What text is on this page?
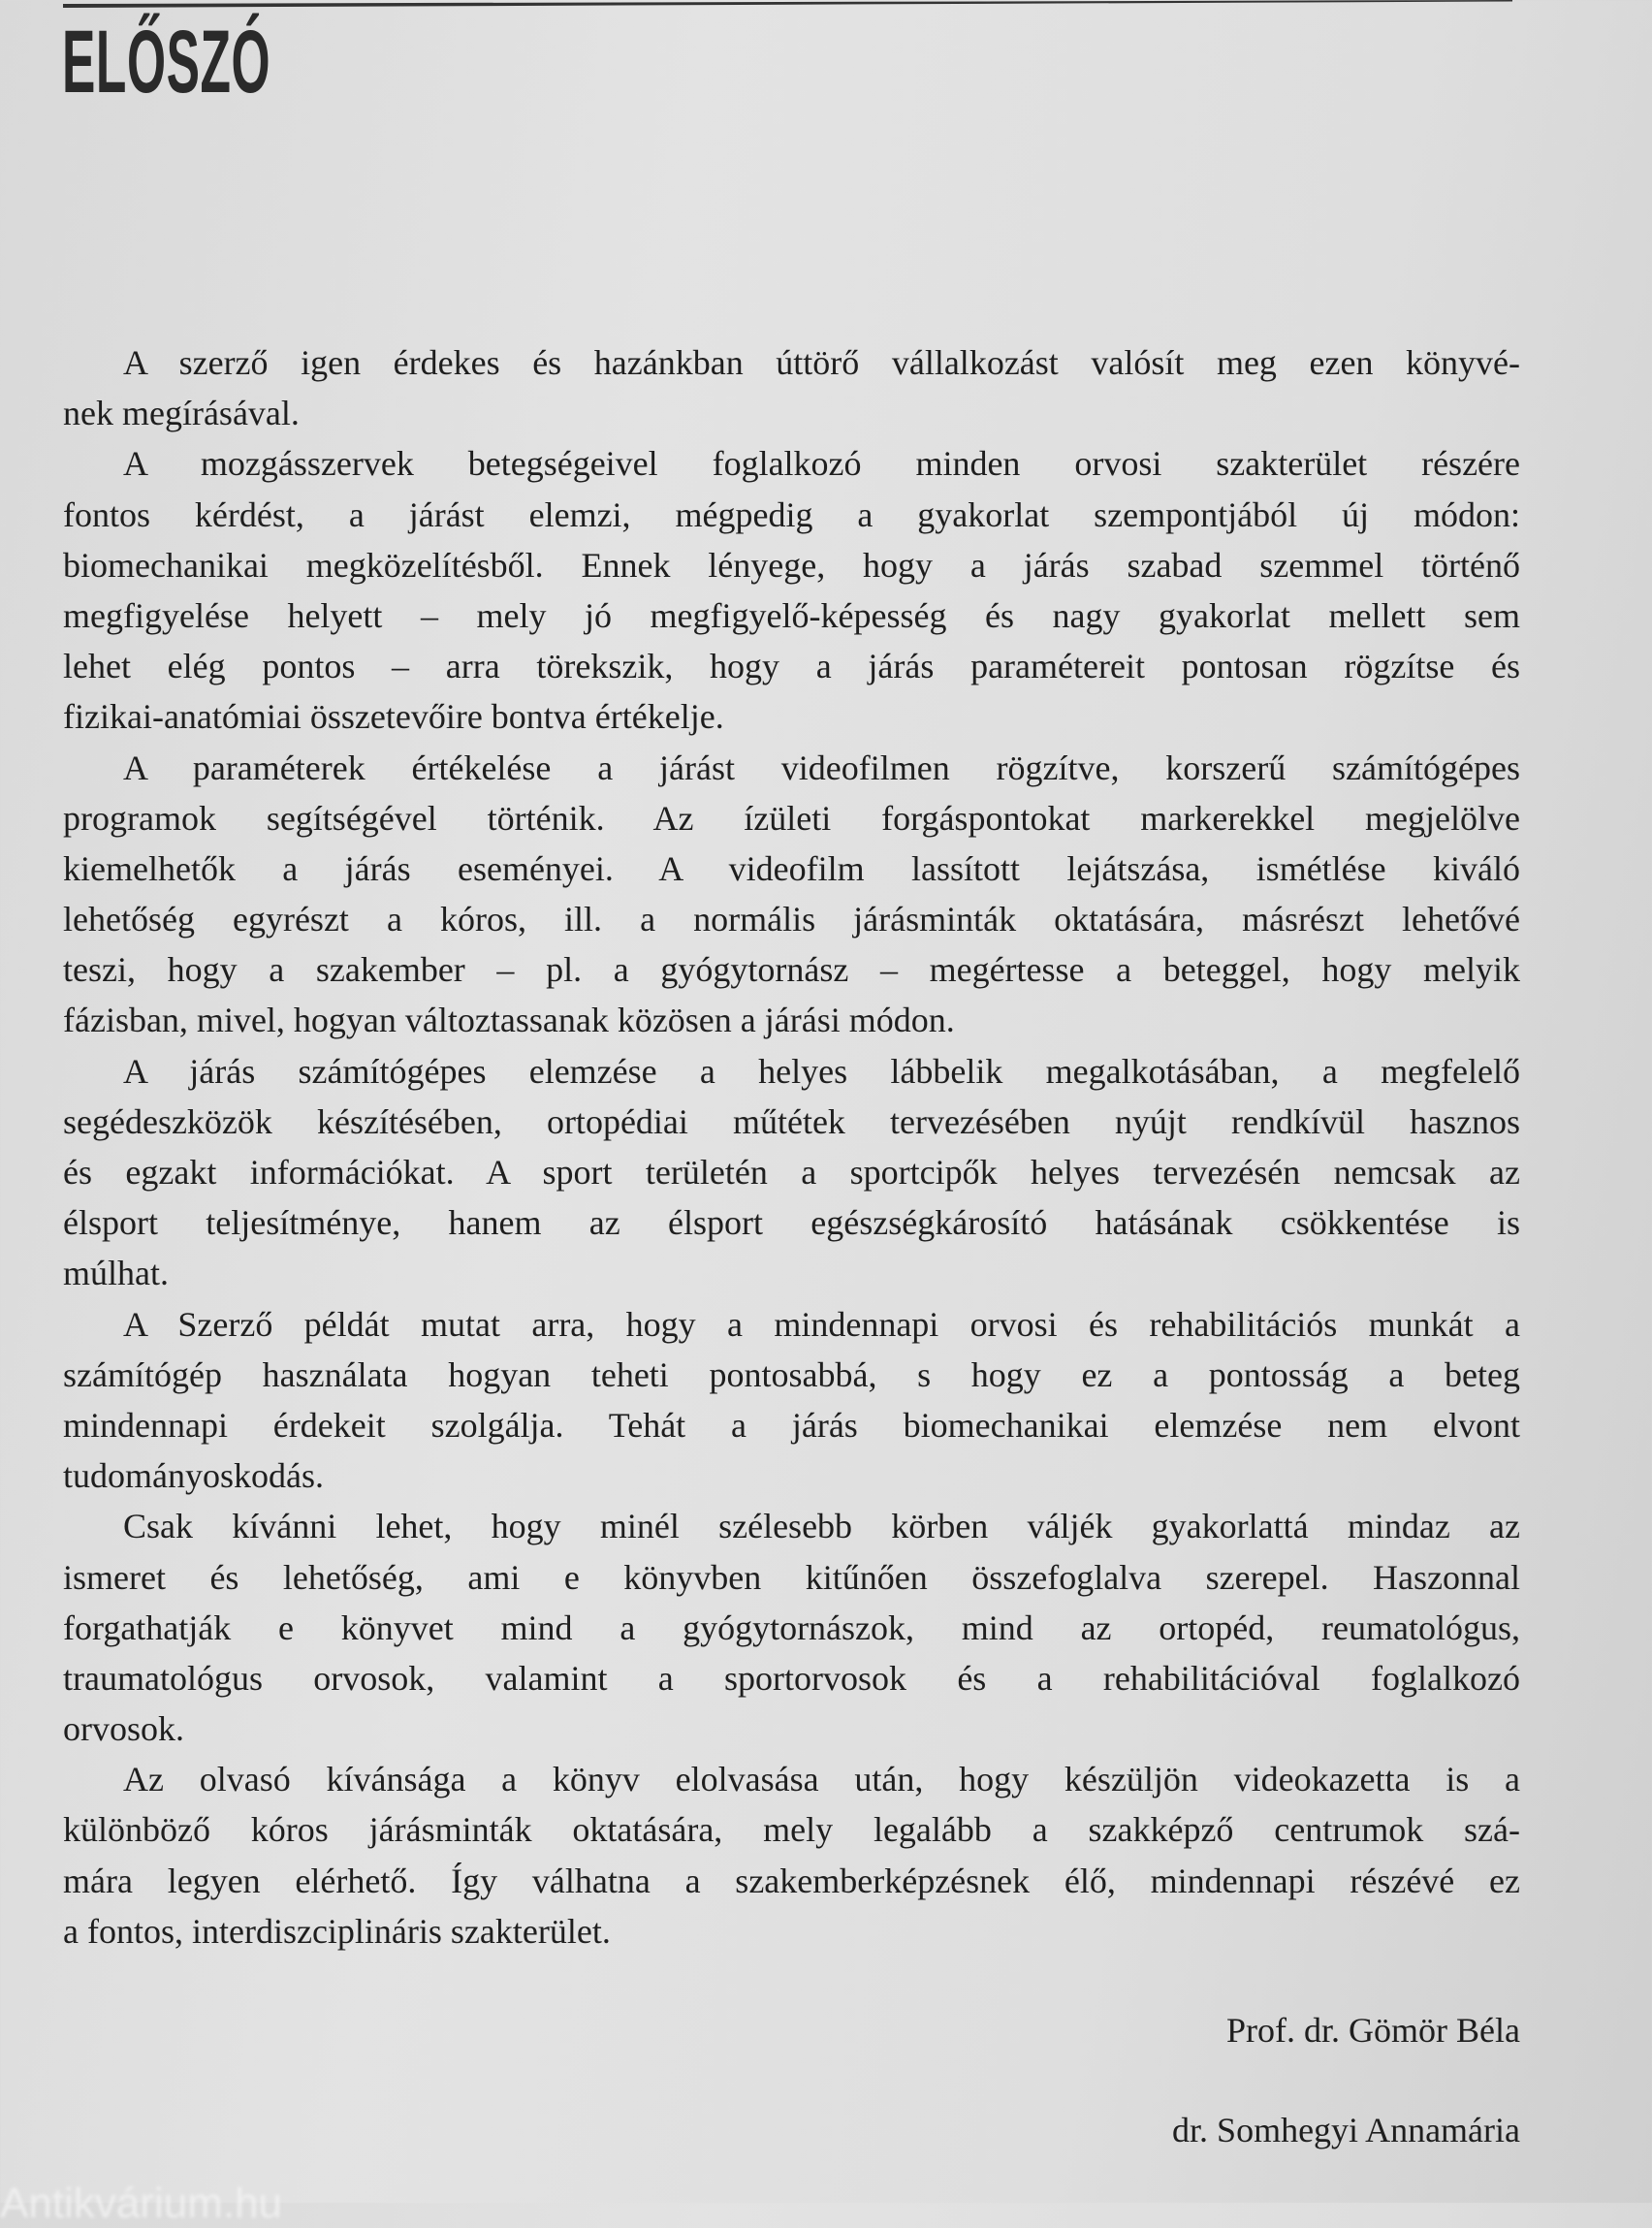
ELŐSZÓ
A szerző igen érdekes és hazánkban úttörő vállalkozást valósít meg ezen könyvé-
nek megírásával.
A mozgásszervek betegségeivel foglalkozó minden orvosi szakterület részére
fontos kérdést, a járást elemzi, mégpedig a gyakorlat szempontjából új módon:
biomechanikai megközelítésből. Ennek lényege, hogy a járás szabad szemmel történő
megfigyelése helyett – mely jó megfigyelő-képesség és nagy gyakorlat mellett sem
lehet elég pontos – arra törekszik, hogy a járás paramétereit pontosan rögzítse és
fizikai-anatómiai összetevőire bontva értékelje.
A paraméterek értékelése a járást videofilmen rögzítve, korszerű számítógépes
programok segítségével történik. Az ízületi forgáspontokat markerekkel megjelölve
kiemelhetők a járás eseményei. A videofilm lassított lejátszása, ismétlése kiváló
lehetőség egyrészt a kóros, ill. a normális járásminták oktatására, másrészt lehetővé
teszi, hogy a szakember – pl. a gyógytornász – megértesse a beteggel, hogy melyik
fázisban, mivel, hogyan változtassanak közösen a járási módon.
A járás számítógépes elemzése a helyes lábbelik megalkotásában, a megfelelő
segédeszközök készítésében, ortopédiai műtétek tervezésében nyújt rendkívül hasznos
és egzakt információkat. A sport területén a sportcipők helyes tervezésén nemcsak az
élsport teljesítménye, hanem az élsport egészségkárosító hatásának csökkentése is
múlhat.
A Szerző példát mutat arra, hogy a mindennapi orvosi és rehabilitációs munkát a
számítógép használata hogyan teheti pontosabbá, s hogy ez a pontosság a beteg
mindennapi érdekeit szolgálja. Tehát a járás biomechanikai elemzése nem elvont
tudományoskodás.
Csak kívánni lehet, hogy minél szélesebb körben váljék gyakorlattá mindaz az
ismeret és lehetőség, ami e könyvben kitűnően összefoglalva szerepel. Haszonnal
forgathatják e könyvet mind a gyógytornászok, mind az ortopéd, reumatológus,
traumatológus orvosok, valamint a sportorvosok és a rehabilitációval foglalkozó
orvosok.
Az olvasó kívánsága a könyv elolvasása után, hogy készüljön videokazetta is a
különböző kóros járásminták oktatására, mely legalább a szakképző centrumok szá-
mára legyen elérhető. Így válhatna a szakemberképzésnek élő, mindennapi részévé ez
a fontos, interdiszciplináris szakterület.
Prof. dr. Gömör Béla
dr. Somhegyi Annamária
Antikvárium.hu
